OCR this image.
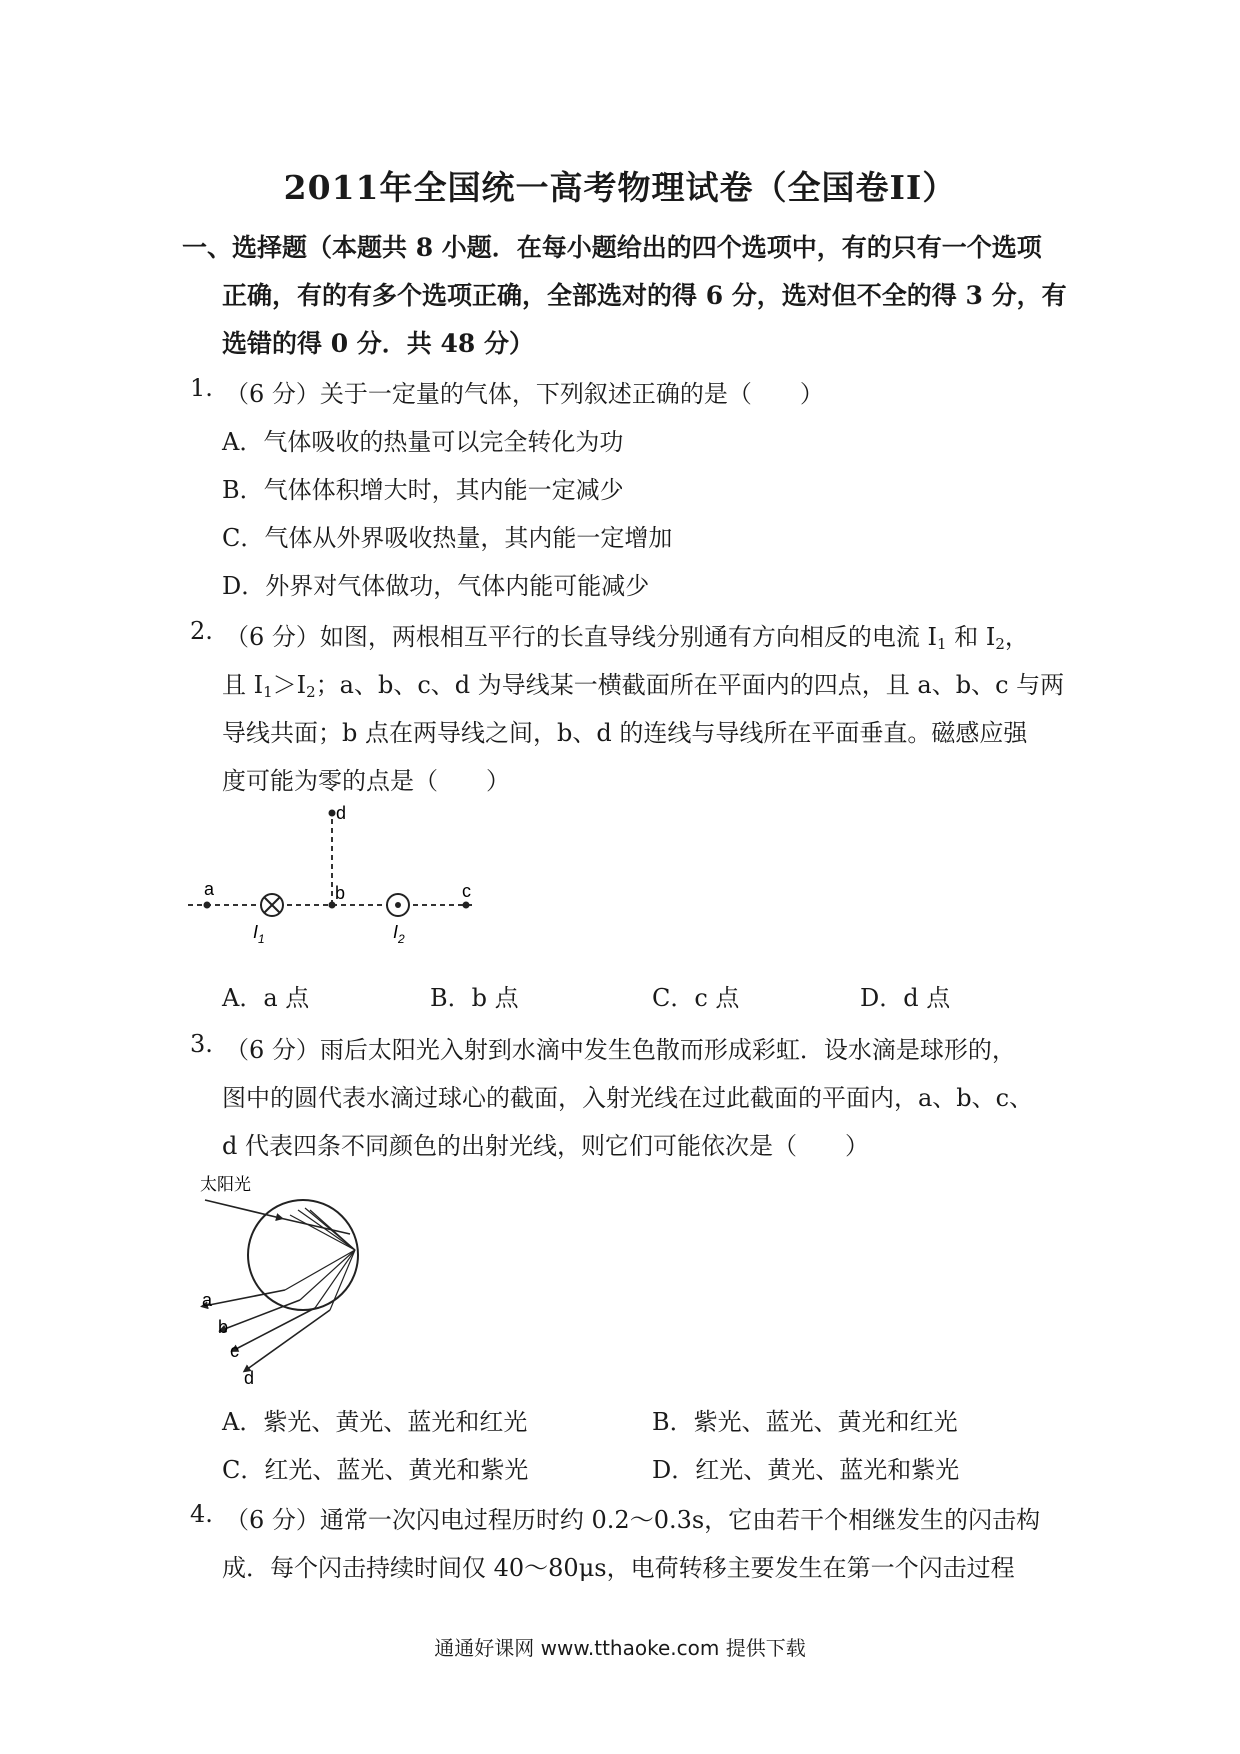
2011年全国统一高考物理试卷（全国卷II）
一、选择题（本题共 8 小题．在每小题给出的四个选项中，有的只有一个选项
正确，有的有多个选项正确，全部选对的得 6 分，选对但不全的得 3 分，有
选错的得 0 分．共 48 分）
1. （6 分）关于一定量的气体，下列叙述正确的是（　　）
A．气体吸收的热量可以完全转化为功
B．气体体积增大时，其内能一定减少
C．气体从外界吸收热量，其内能一定增加
D．外界对气体做功，气体内能可能减少
2. （6 分）如图，两根相互平行的长直导线分别通有方向相反的电流 $I_1$ 和 $I_2$，
且 $I_1>I_2$；a、b、c、d 为导线某一横截面所在平面内的四点，且 a、b、c 与两
导线共面；b 点在两导线之间，b、d 的连线与导线所在平面垂直。磁感应强
度可能为零的点是（　　）
a	b	c
d
$I_1$	$I_2$
A．a 点	B．b 点	C．c 点	D．d 点
3. （6 分）雨后太阳光入射到水滴中发生色散而形成彩虹．设水滴是球形的，
图中的圆代表水滴过球心的截面，入射光线在过此截面的平面内，a、b、c、
d 代表四条不同颜色的出射光线，则它们可能依次是（　　）
太阳光
a
b
c
d
A．紫光、黄光、蓝光和红光	B．紫光、蓝光、黄光和红光
C．红光、蓝光、黄光和紫光	D．红光、黄光、蓝光和紫光
4. （6 分）通常一次闪电过程历时约 0.2～0.3s，它由若干个相继发生的闪击构
成．每个闪击持续时间仅 40～80μs，电荷转移主要发生在第一个闪击过程
通通好课网 www.tthaoke.com 提供下载
